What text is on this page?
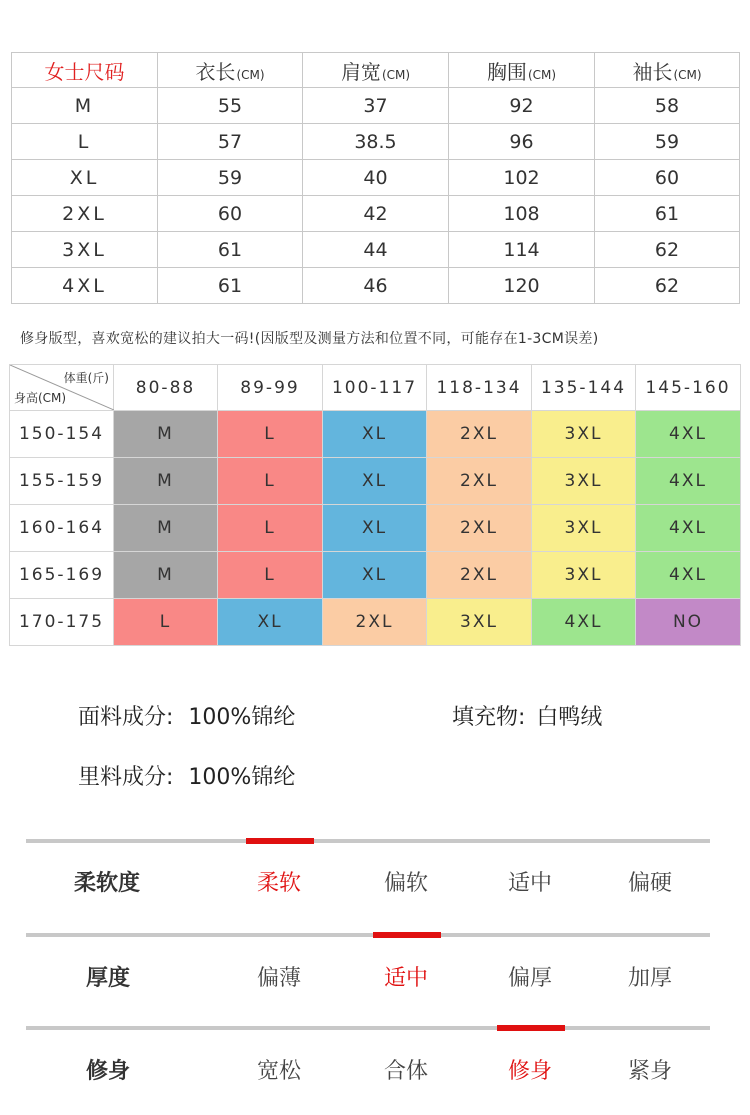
女士尺码	衣长(CM)	肩宽(CM)	胸围(CM)	袖长(CM)
M	55	37	92	58
L	57	38.5	96	59
XL	59	40	102	60
2XL	60	42	108	61
3XL	61	44	114	62
4XL	61	46	120	62
修身版型，喜欢宽松的建议拍大一码!(因版型及测量方法和位置不同，可能存在1-3CM误差)
体重(斤)
身高(CM)	80-88	89-99	100-117	118-134	135-144	145-160
150-154	M	L	XL	2XL	3XL	4XL
155-159	M	L	XL	2XL	3XL	4XL
160-164	M	L	XL	2XL	3XL	4XL
165-169	M	L	XL	2XL	3XL	4XL
170-175	L	XL	2XL	3XL	4XL	NO
面料成分: 100%锦纶	填充物: 白鸭绒
里料成分: 100%锦纶
柔软度	柔软	偏软	适中	偏硬
厚度	偏薄	适中	偏厚	加厚
修身	宽松	合体	修身	紧身
